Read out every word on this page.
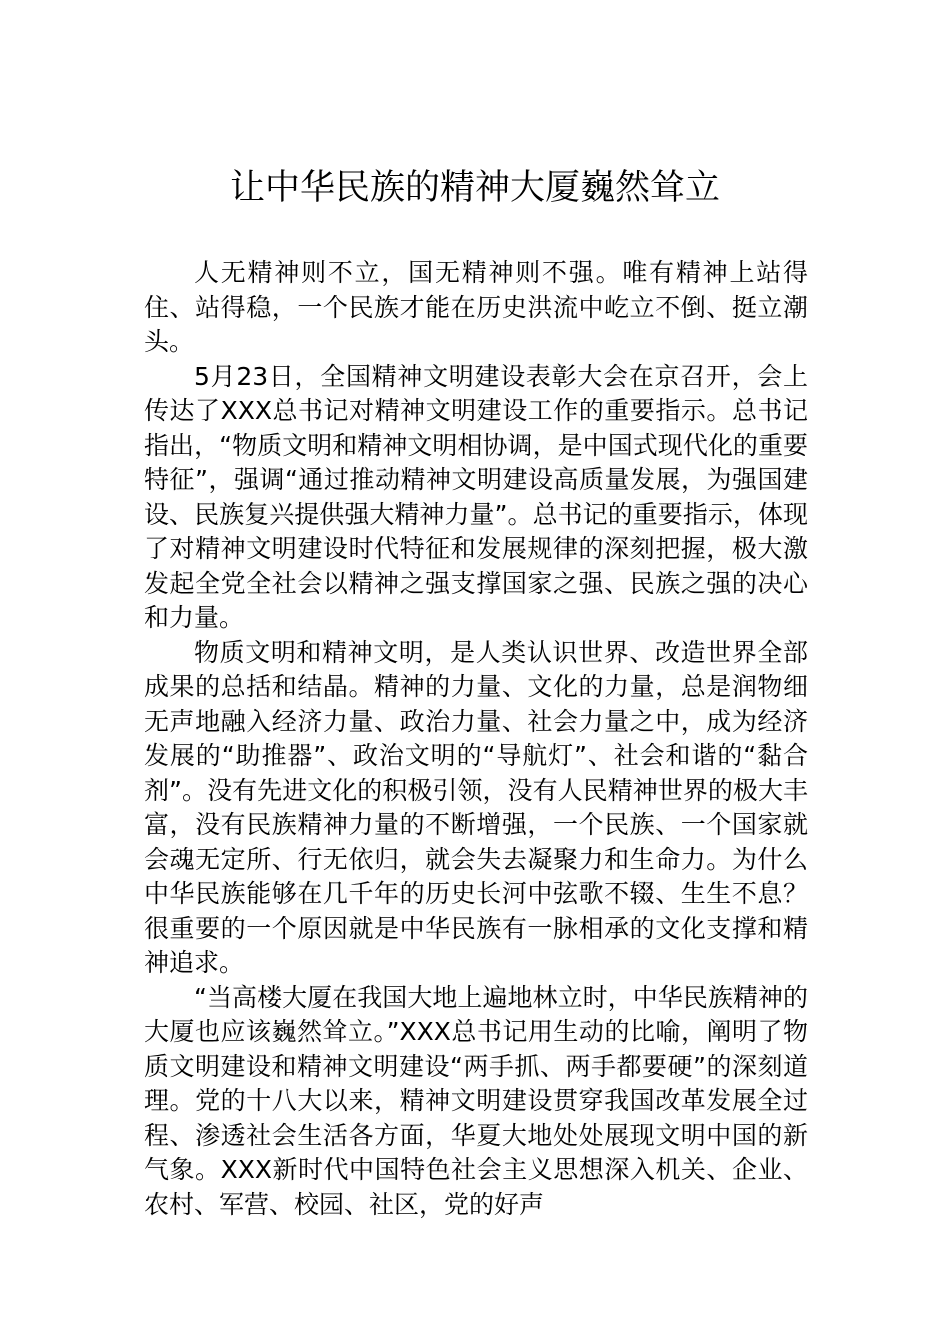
让中华民族的精神大厦巍然耸立

人无精神则不立，国无精神则不强。唯有精神上站得住、站得稳，一个民族才能在历史洪流中屹立不倒、挺立潮头。

5月23日，全国精神文明建设表彰大会在京召开，会上传达了XXX总书记对精神文明建设工作的重要指示。总书记指出，“物质文明和精神文明相协调，是中国式现代化的重要特征”，强调“通过推动精神文明建设高质量发展，为强国建设、民族复兴提供强大精神力量”。总书记的重要指示，体现了对精神文明建设时代特征和发展规律的深刻把握，极大激发起全党全社会以精神之强支撑国家之强、民族之强的决心和力量。

物质文明和精神文明，是人类认识世界、改造世界全部成果的总括和结晶。精神的力量、文化的力量，总是润物细无声地融入经济力量、政治力量、社会力量之中，成为经济发展的“助推器”、政治文明的“导航灯”、社会和谐的“黏合剂”。没有先进文化的积极引领，没有人民精神世界的极大丰富，没有民族精神力量的不断增强，一个民族、一个国家就会魂无定所、行无依归，就会失去凝聚力和生命力。为什么中华民族能够在几千年的历史长河中弦歌不辍、生生不息？很重要的一个原因就是中华民族有一脉相承的文化支撑和精神追求。

“当高楼大厦在我国大地上遍地林立时，中华民族精神的大厦也应该巍然耸立。”XXX总书记用生动的比喻，阐明了物质文明建设和精神文明建设“两手抓、两手都要硬”的深刻道理。党的十八大以来，精神文明建设贯穿我国改革发展全过程、渗透社会生活各方面，华夏大地处处展现文明中国的新气象。XXX新时代中国特色社会主义思想深入机关、企业、农村、军营、校园、社区，党的好声
